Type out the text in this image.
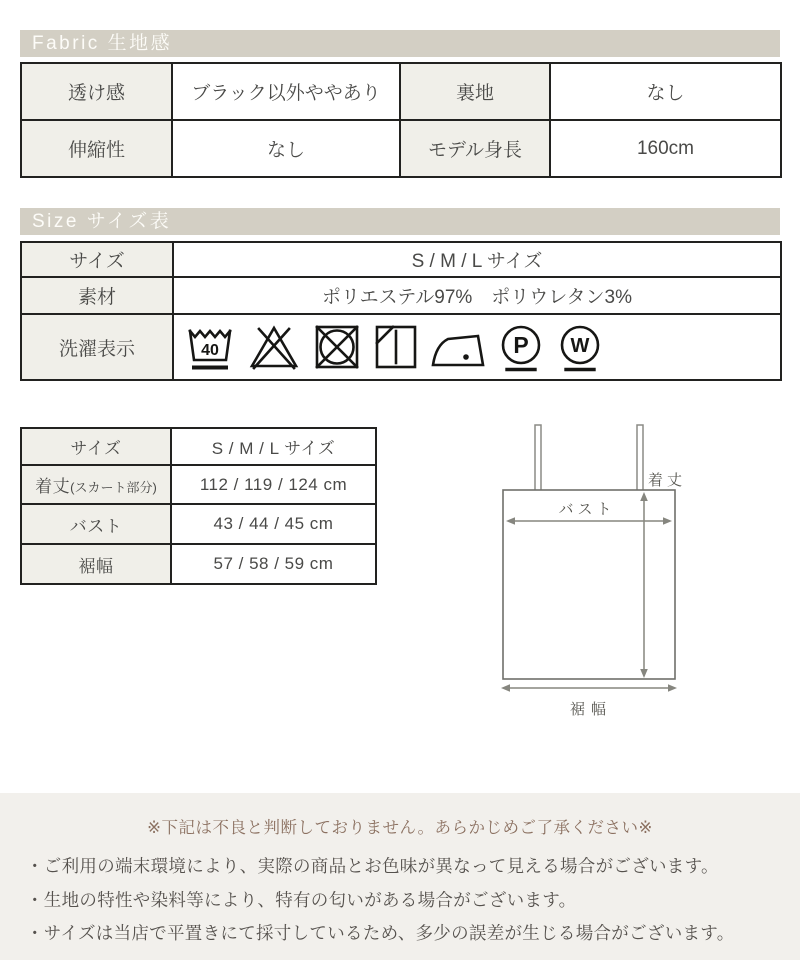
Fabric 生地感
透け感	ブラック以外ややあり	裏地	なし
伸縮性	なし	モデル身長	160cm
Size サイズ表
サイズ	S / M / L サイズ
素材	ポリエステル97%　ポリウレタン3%
洗濯表示	40 P W
サイズ	S / M / L サイズ
着丈(スカート部分)	112 / 119 / 124 cm
バスト	43 / 44 / 45 cm
裾幅	57 / 58 / 59 cm
着丈
バスト
裾幅
※下記は不良と判断しておりません。あらかじめご了承ください※
・ご利用の端末環境により、実際の商品とお色味が異なって見える場合がございます。
・生地の特性や染料等により、特有の匂いがある場合がございます。
・サイズは当店で平置きにて採寸しているため、多少の誤差が生じる場合がございます。
